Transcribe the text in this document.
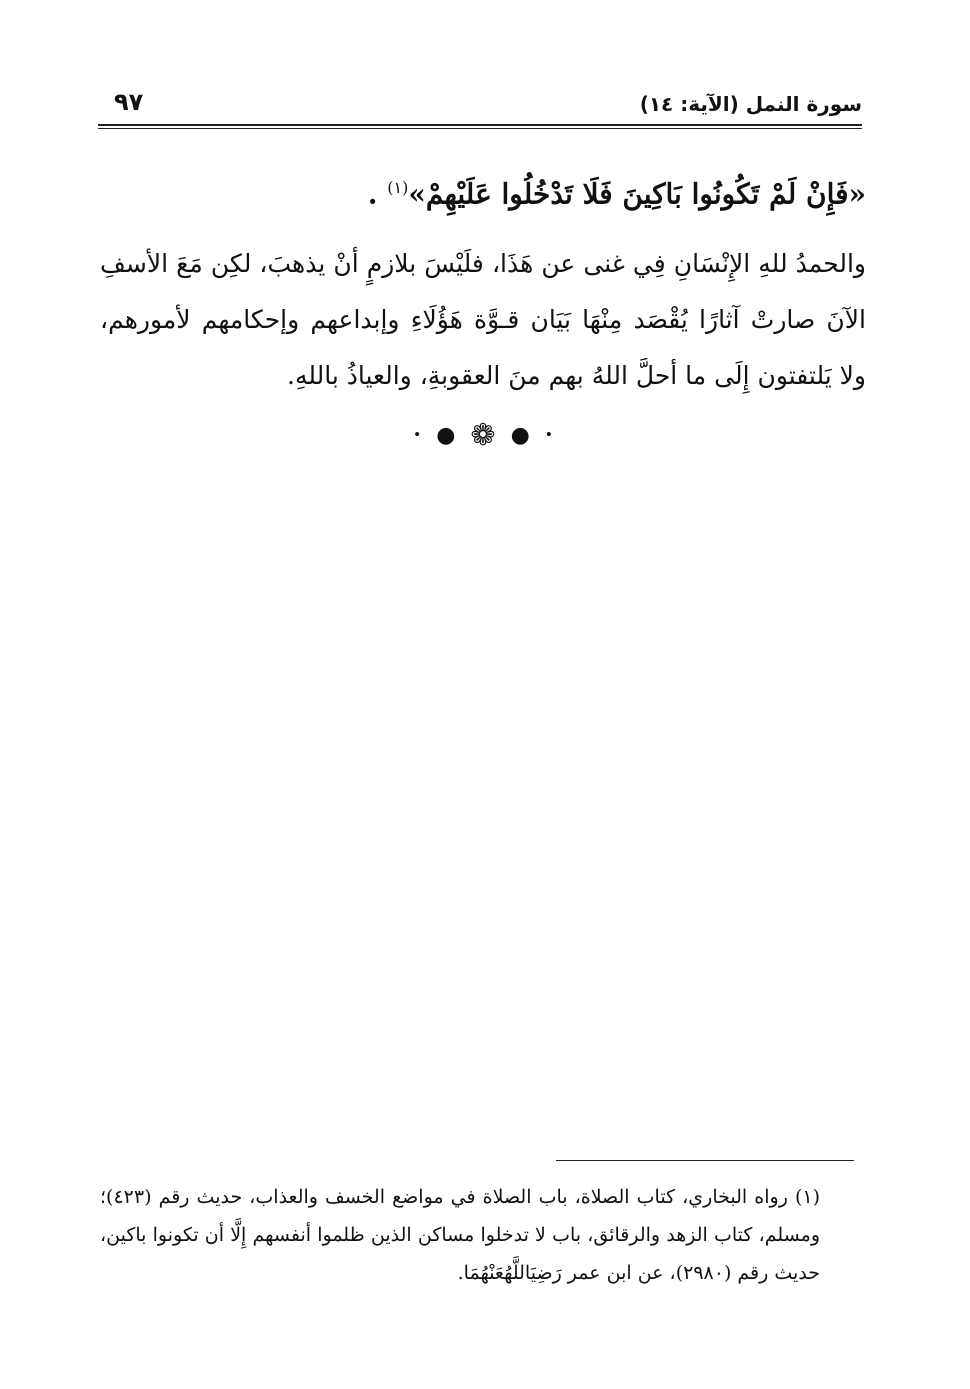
سورة النمل (الآية: ١٤)
٩٧

«فَإِنْ لَمْ تَكُونُوا بَاكِينَ فَلَا تَدْخُلُوا عَلَيْهِمْ»$^{(١)}$ .

والحمدُ للهِ الإِنْسَانِ فِي غنى عن هَذَا، فلَيْسَ بلازمٍ أنْ يذهبَ، لكِن مَعَ الأسفِ الآنَ صارتْ آثارًا يُقْصَد مِنْهَا بَيَان قـوَّة هَؤُلَاءِ وإبداعهم وإحكامهم لأمورهم، ولا يَلتفتون إِلَى ما أحلَّ اللهُ بهم منَ العقوبةِ، والعياذُ باللهِ.

• ● ❁ ● •

(١) رواه البخاري، كتاب الصلاة، باب الصلاة في مواضع الخسف والعذاب، حديث رقم (٤٢٣)؛ ومسلم، كتاب الزهد والرقائق، باب لا تدخلوا مساكن الذين ظلموا أنفسهم إِلَّا أن تكونوا باكين، حديث رقم (٢٩٨٠)، عن ابن عمر رَضِيَاللَّهُعَنْهُمَا.
